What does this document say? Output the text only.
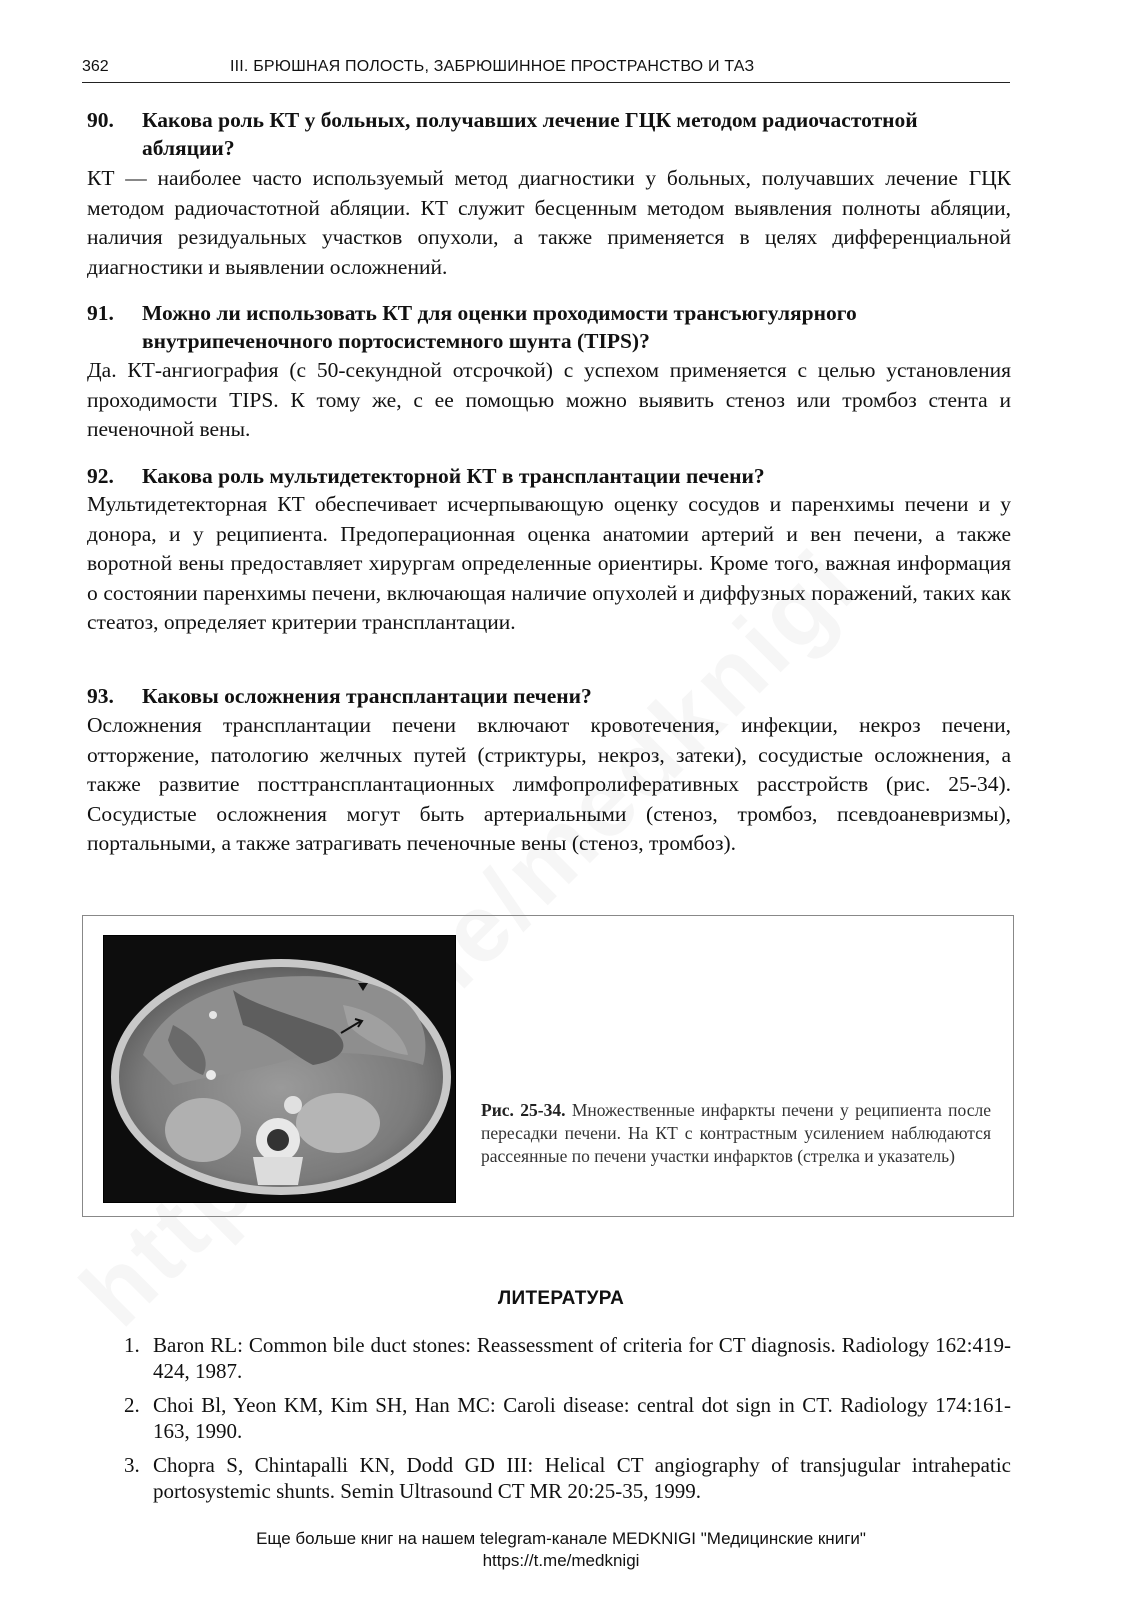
362	III. БРЮШНАЯ ПОЛОСТЬ, ЗАБРЮШИННОЕ ПРОСТРАНСТВО И ТАЗ
90. Какова роль КТ у больных, получавших лечение ГЦК методом радиочастотной абляции?
КТ — наиболее часто используемый метод диагностики у больных, получавших лечение ГЦК методом радиочастотной абляции. КТ служит бесценным методом выявления полноты абляции, наличия резидуальных участков опухоли, а также применяется в целях дифференциальной диагностики и выявлении осложнений.
91. Можно ли использовать КТ для оценки проходимости трансъюгулярного внутрипеченочного портосистемного шунта (TIPS)?
Да. КТ-ангиография (с 50-секундной отсрочкой) с успехом применяется с целью установления проходимости TIPS. К тому же, с ее помощью можно выявить стеноз или тромбоз стента и печеночной вены.
92. Какова роль мультидетекторной КТ в трансплантации печени?
Мультидетекторная КТ обеспечивает исчерпывающую оценку сосудов и паренхимы печени и у донора, и у реципиента. Предоперационная оценка анатомии артерий и вен печени, а также воротной вены предоставляет хирургам определенные ориентиры. Кроме того, важная информация о состоянии паренхимы печени, включающая наличие опухолей и диффузных поражений, таких как стеатоз, определяет критерии трансплантации.
93. Каковы осложнения трансплантации печени?
Осложнения трансплантации печени включают кровотечения, инфекции, некроз печени, отторжение, патологию желчных путей (стриктуры, некроз, затеки), сосудистые осложнения, а также развитие посттрансплантационных лимфопролиферативных расстройств (рис. 25-34). Сосудистые осложнения могут быть артериальными (стеноз, тромбоз, псевдоаневризмы), портальными, а также затрагивать печеночные вены (стеноз, тромбоз).
Рис. 25-34. Множественные инфаркты печени у реципиента после пересадки печени. На КТ с контрастным усилением наблюдаются рассеянные по печени участки инфарктов (стрелка и указатель)
ЛИТЕРАТУРА
1. Baron RL: Common bile duct stones: Reassessment of criteria for CT diagnosis. Radiology 162:419-424, 1987.
2. Choi Bl, Yeon KM, Kim SH, Han MC: Caroli disease: central dot sign in CT. Radiology 174:161-163, 1990.
3. Chopra S, Chintapalli KN, Dodd GD III: Helical CT angiography of transjugular intrahepatic portosystemic shunts. Semin Ultrasound CT MR 20:25-35, 1999.
Еще больше книг на нашем telegram-канале MEDKNIGI "Медицинские книги"
https://t.me/medknigi
